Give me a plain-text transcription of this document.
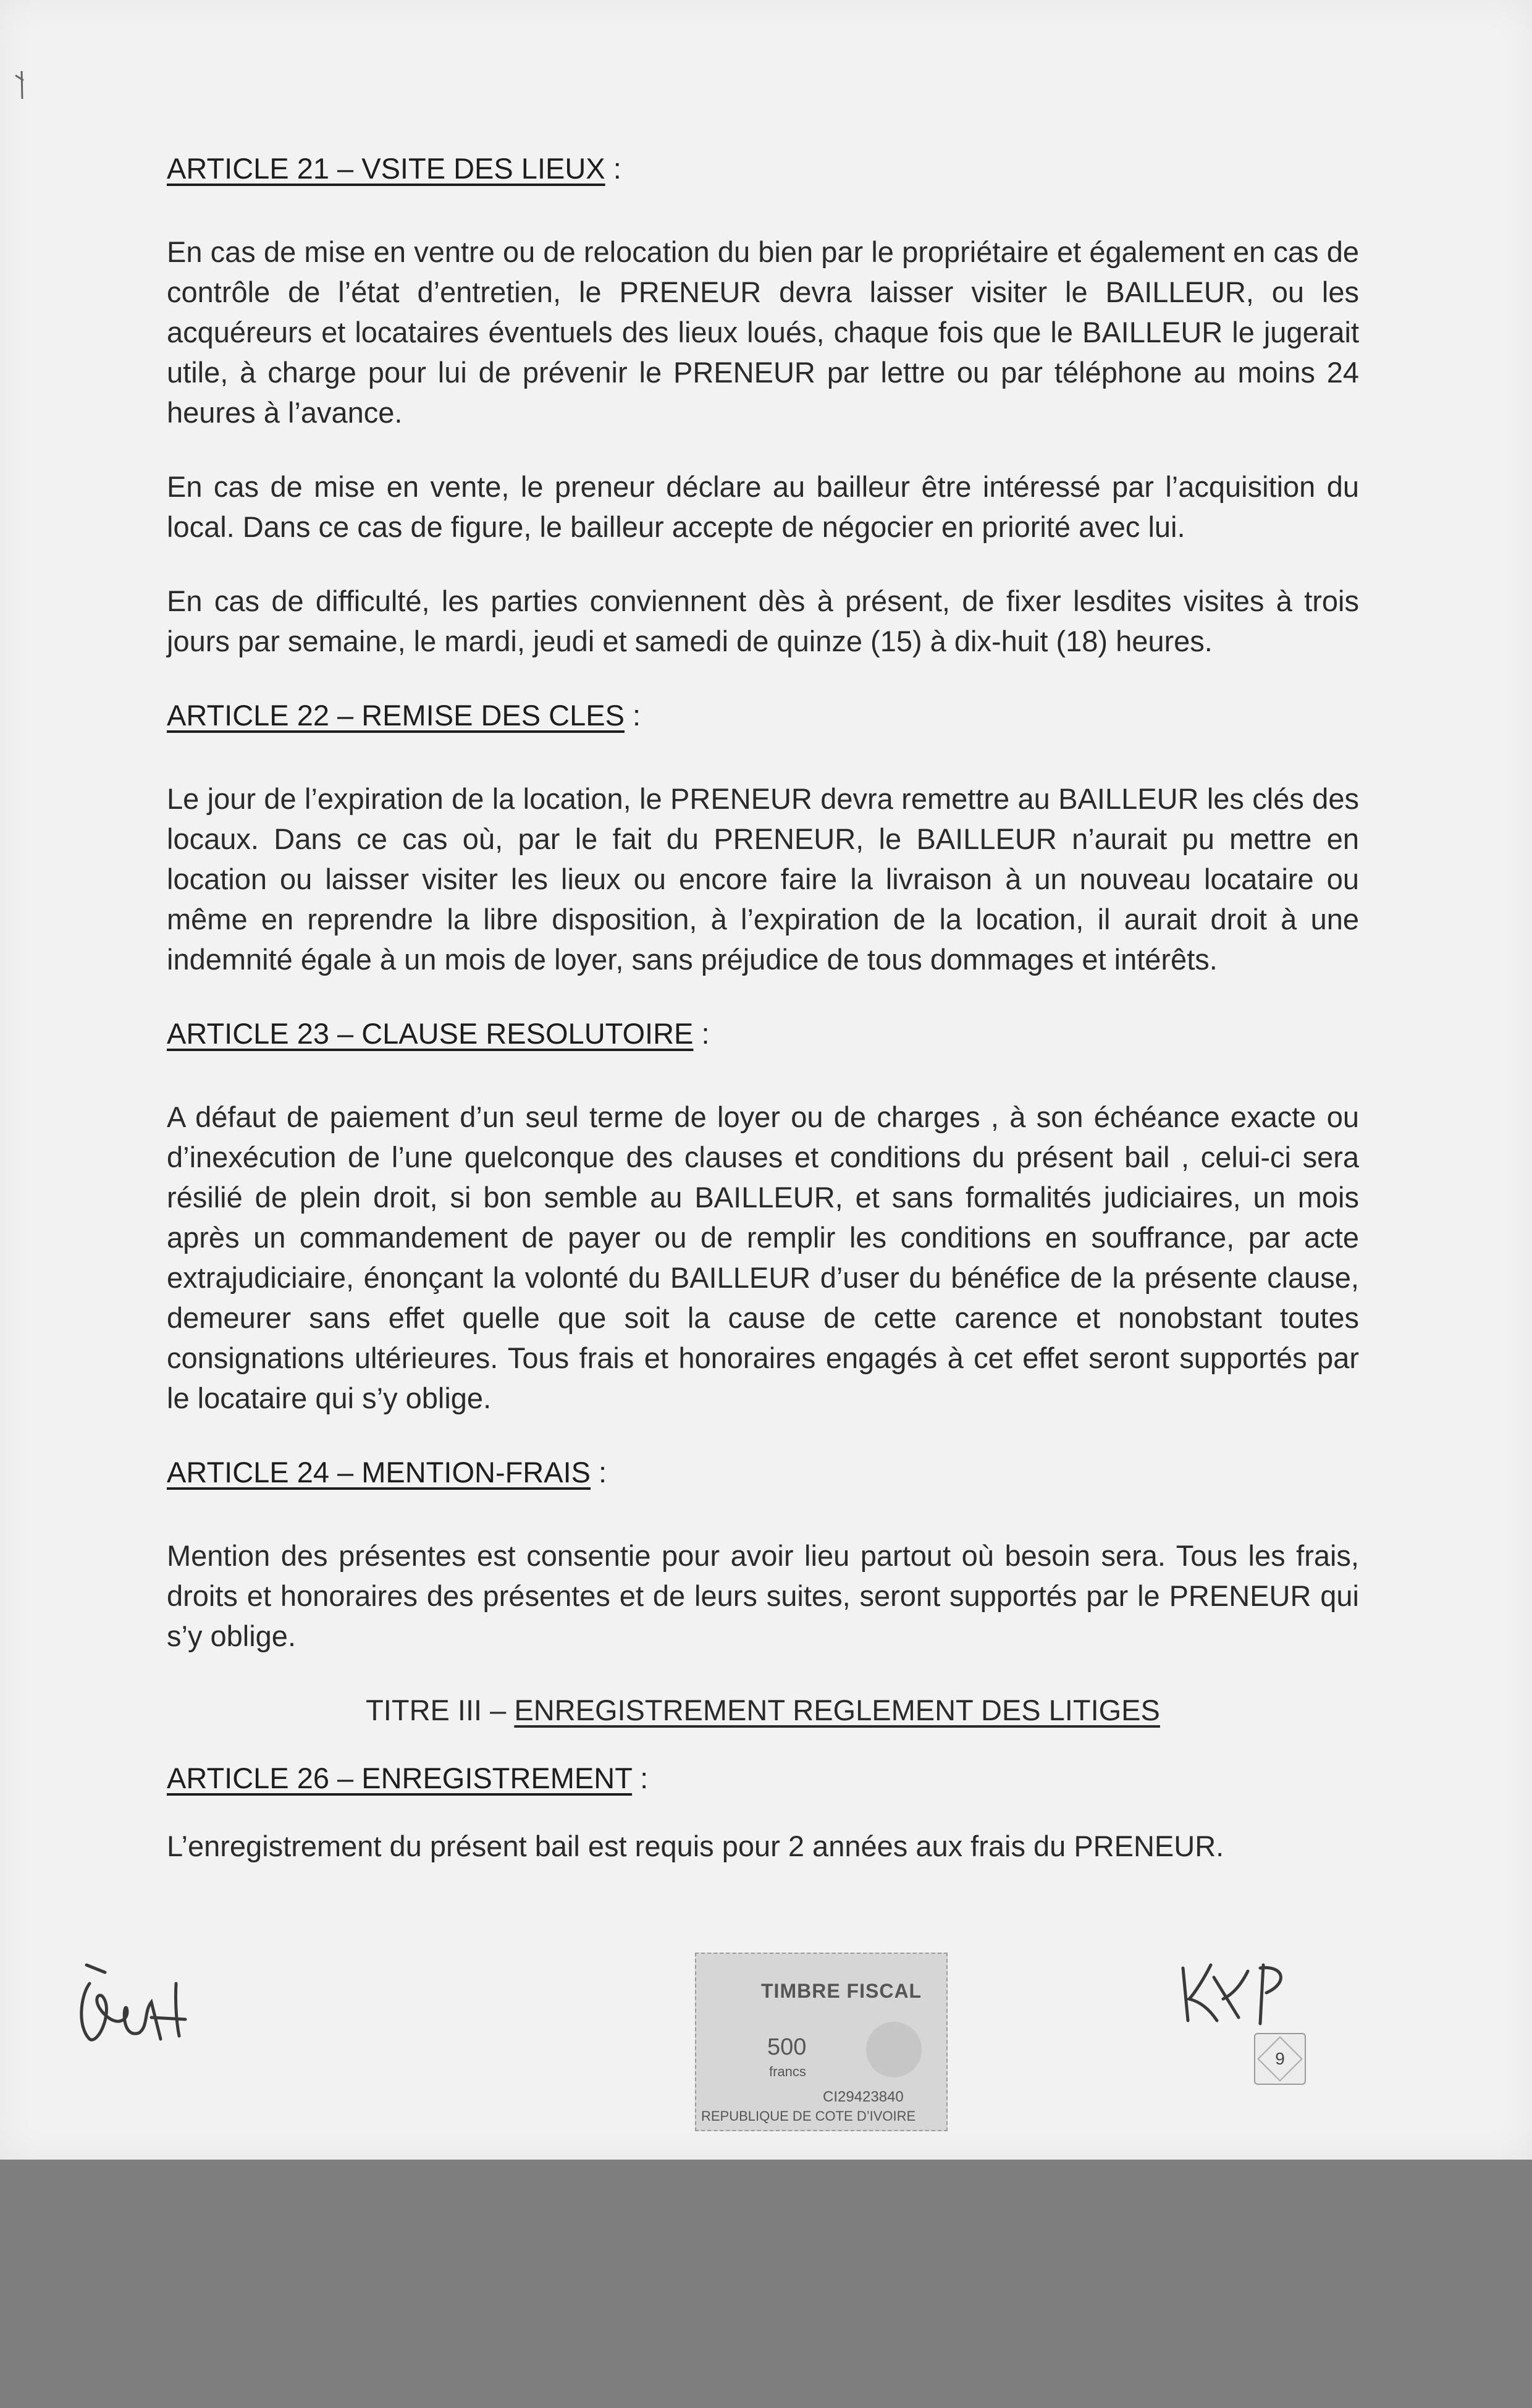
ARTICLE 21 – VSITE DES LIEUX :

En cas de mise en ventre ou de relocation du bien par le propriétaire et également en cas de contrôle de l’état d’entretien, le PRENEUR devra laisser visiter le BAILLEUR, ou les acquéreurs et locataires éventuels des lieux loués, chaque fois que le BAILLEUR le jugerait utile, à charge pour lui de prévenir le PRENEUR par lettre ou par téléphone au moins 24 heures à l’avance.

En cas de mise en vente, le preneur déclare au bailleur être intéressé par l’acquisition du local. Dans ce cas de figure, le bailleur accepte de négocier en priorité avec lui.

En cas de difficulté, les parties conviennent dès à présent, de fixer lesdites visites à trois jours par semaine, le mardi, jeudi et samedi de quinze (15) à dix-huit (18) heures.

ARTICLE 22 – REMISE DES CLES :

Le jour de l’expiration de la location, le PRENEUR devra remettre au BAILLEUR les clés des locaux. Dans ce cas où, par le fait du PRENEUR, le BAILLEUR n’aurait pu mettre en location ou laisser visiter les lieux ou encore faire la livraison à un nouveau locataire ou même en reprendre la libre disposition, à l’expiration de la location, il aurait droit à une indemnité égale à un mois de loyer, sans préjudice de tous dommages et intérêts.

ARTICLE 23 – CLAUSE RESOLUTOIRE :

A défaut de paiement d’un seul terme de loyer ou de charges , à son échéance exacte ou d’inexécution de l’une quelconque des clauses et conditions du présent bail , celui-ci sera résilié de plein droit, si bon semble au BAILLEUR, et sans formalités judiciaires, un mois après un commandement de payer ou de remplir les conditions en souffrance, par acte extrajudiciaire, énonçant la volonté du BAILLEUR d’user du bénéfice de la présente clause, demeurer sans effet quelle que soit la cause de cette carence et nonobstant toutes consignations ultérieures. Tous frais et honoraires engagés à cet effet seront supportés par le locataire qui s’y oblige.

ARTICLE 24 – MENTION-FRAIS :

Mention des présentes est consentie pour avoir lieu partout où besoin sera. Tous les frais, droits et honoraires des présentes et de leurs suites, seront supportés par le PRENEUR qui s’y oblige.

TITRE III – ENREGISTREMENT REGLEMENT DES LITIGES
ARTICLE 26 – ENREGISTREMENT :

L’enregistrement du présent bail est requis pour 2 années aux frais du PRENEUR.

TIMBRE FISCAL
500
francs
CI29423840
REPUBLIQUE DE COTE D’IVOIRE
9
